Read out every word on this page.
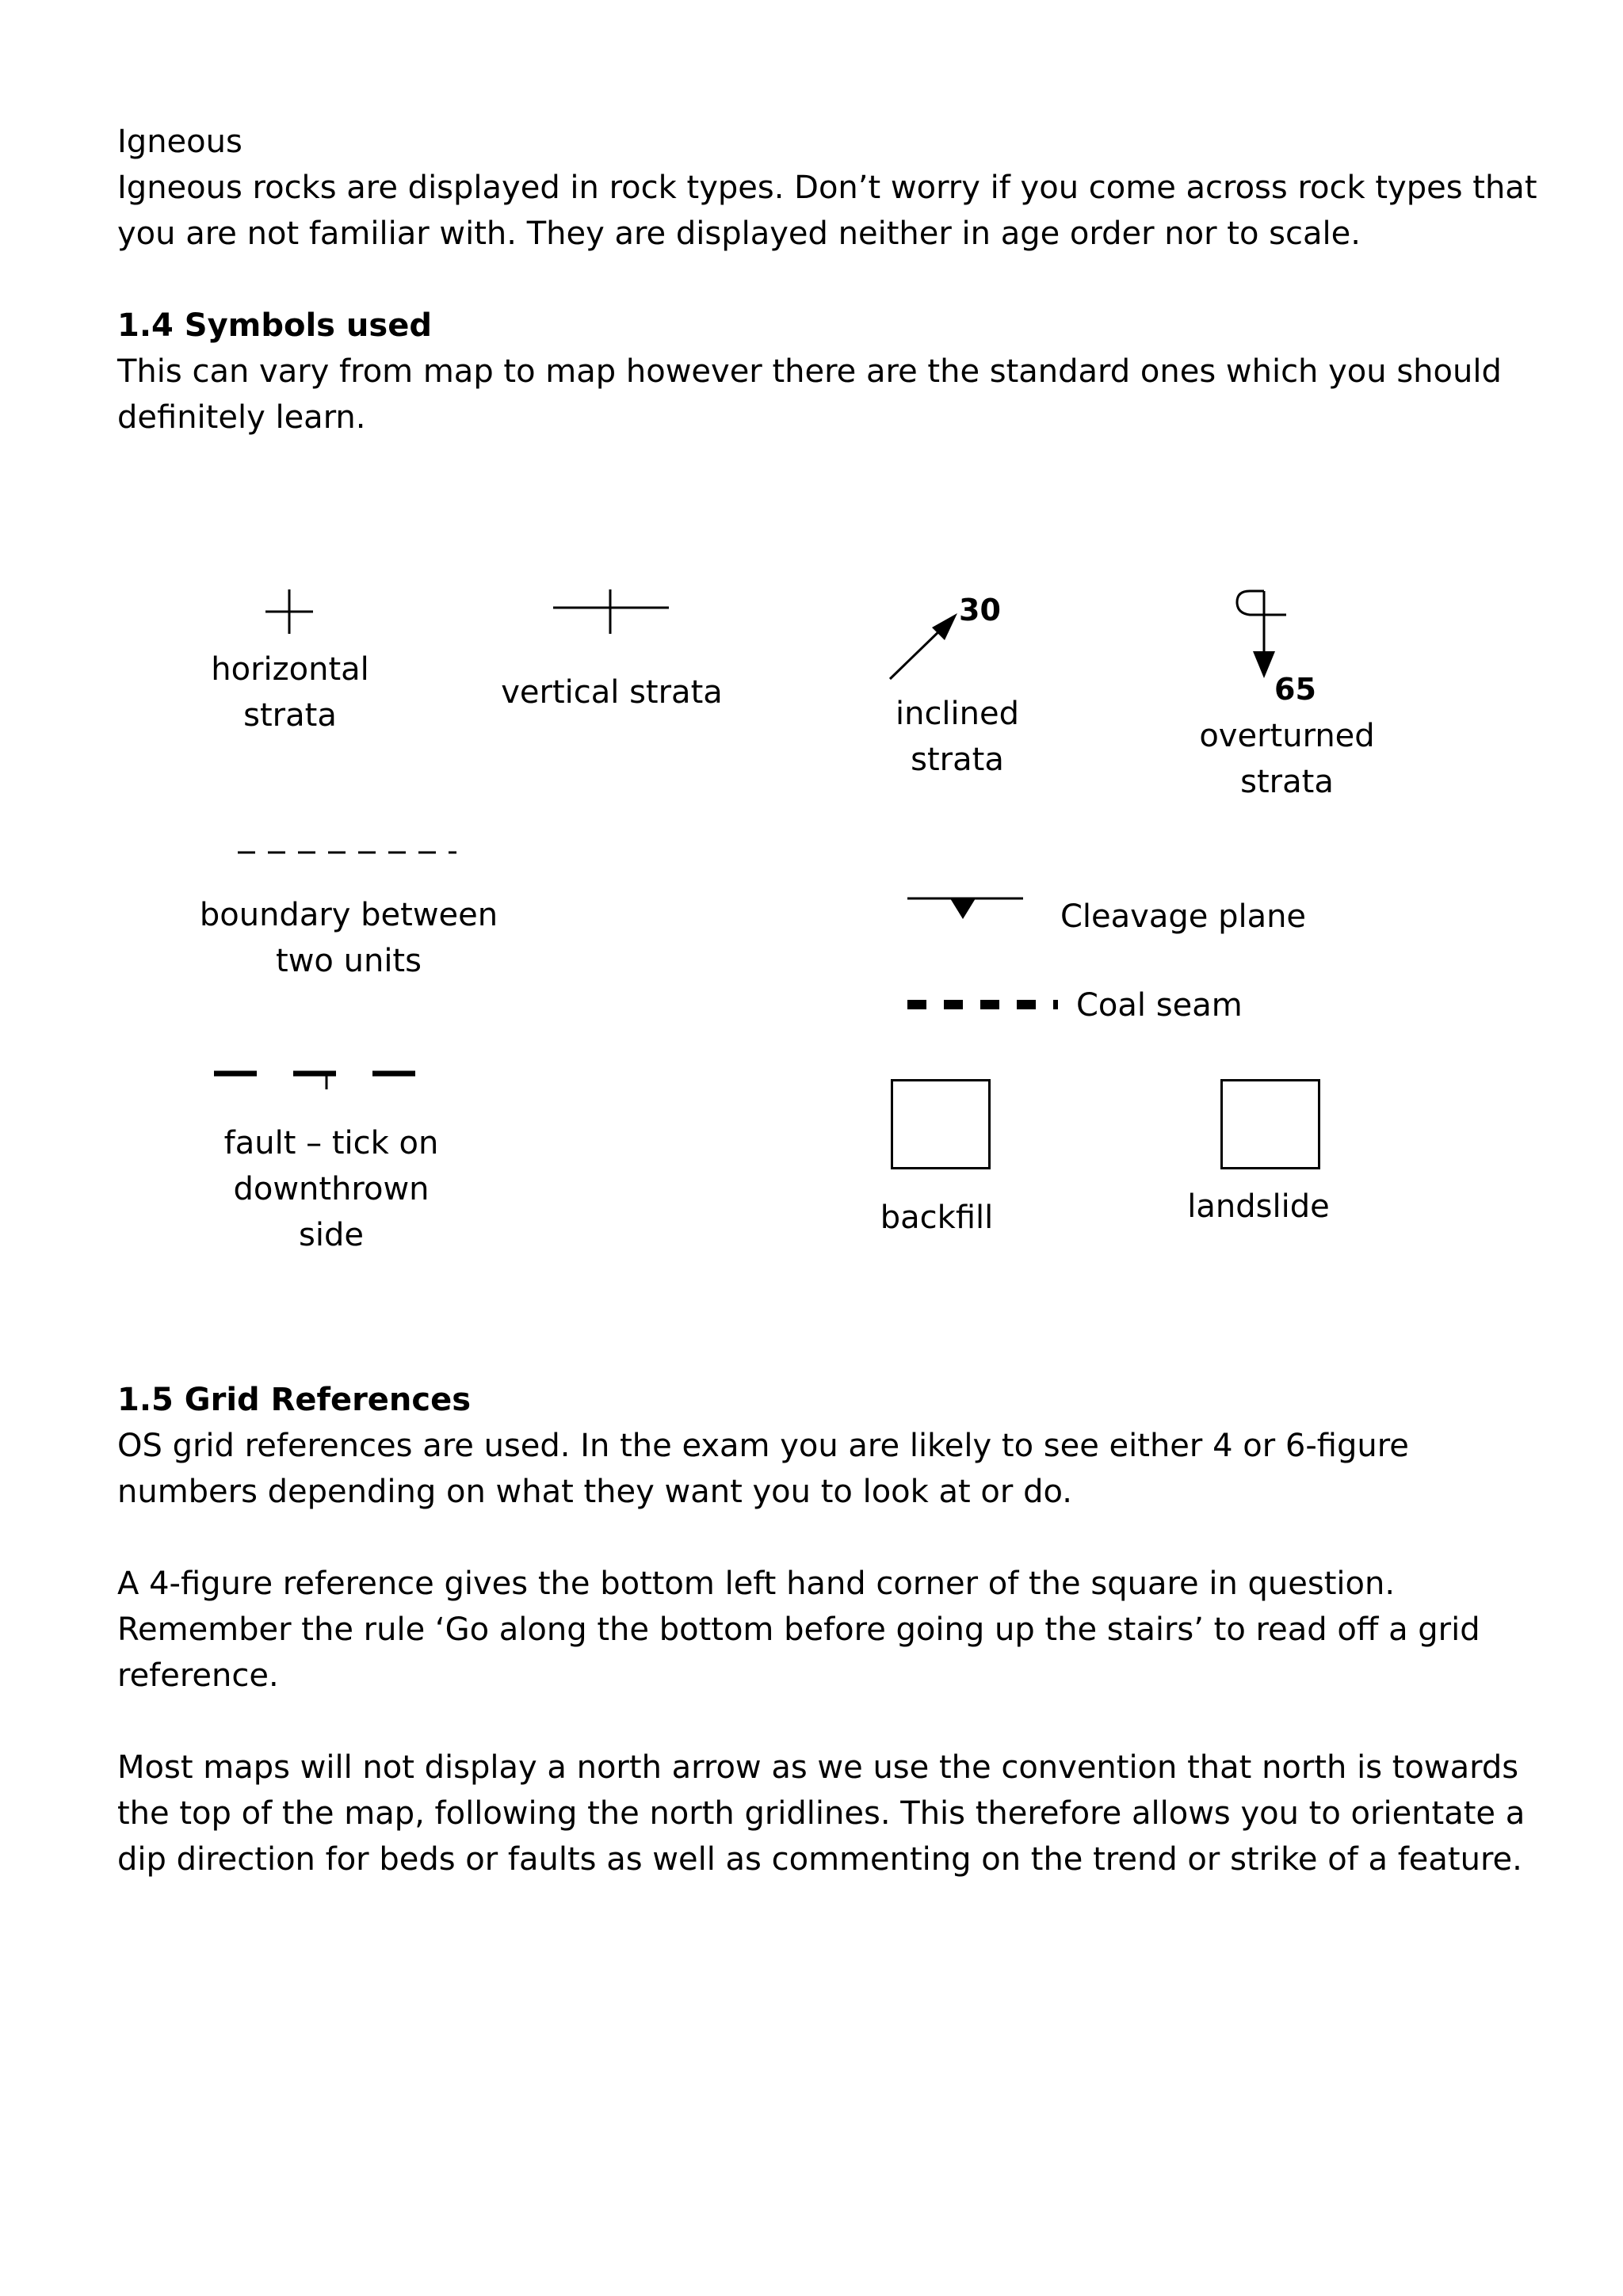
Igneous

Igneous rocks are displayed in rock types. Don’t worry if you come across rock types that

you are not familiar with. They are displayed neither in age order nor to scale.

1.4 Symbols used

This can vary from map to map however there are the standard ones which you should

definitely learn.

horizontal
strata
vertical strata
30
inclined
strata
65
overturned
strata
boundary between
two units
Cleavage plane
Coal seam
fault – tick on
downthrown
side	backfill	landslide

1.5 Grid References

OS grid references are used. In the exam you are likely to see either 4 or 6-figure

numbers depending on what they want you to look at or do.

A 4-figure reference gives the bottom left hand corner of the square in question.

Remember the rule ‘Go along the bottom before going up the stairs’ to read off a grid

reference.

Most maps will not display a north arrow as we use the convention that north is towards

the top of the map, following the north gridlines. This therefore allows you to orientate a

dip direction for beds or faults as well as commenting on the trend or strike of a feature.
